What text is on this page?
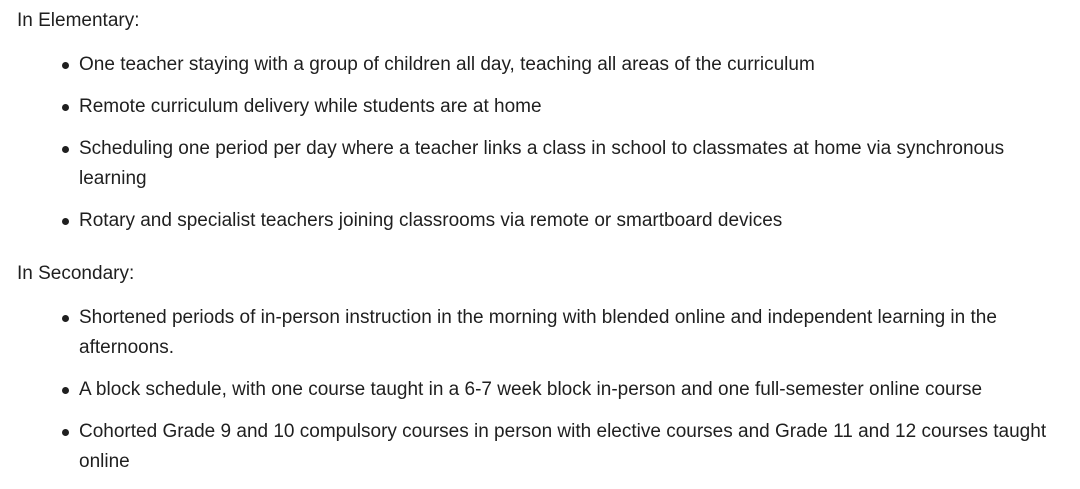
In Elementary:
One teacher staying with a group of children all day, teaching all areas of the curriculum
Remote curriculum delivery while students are at home
Scheduling one period per day where a teacher links a class in school to classmates at home via synchronous learning
Rotary and specialist teachers joining classrooms via remote or smartboard devices
In Secondary:
Shortened periods of in-person instruction in the morning with blended online and independent learning in the afternoons.
A block schedule, with one course taught in a 6-7 week block in-person and one full-semester online course
Cohorted Grade 9 and 10 compulsory courses in person with elective courses and Grade 11 and 12 courses taught online
